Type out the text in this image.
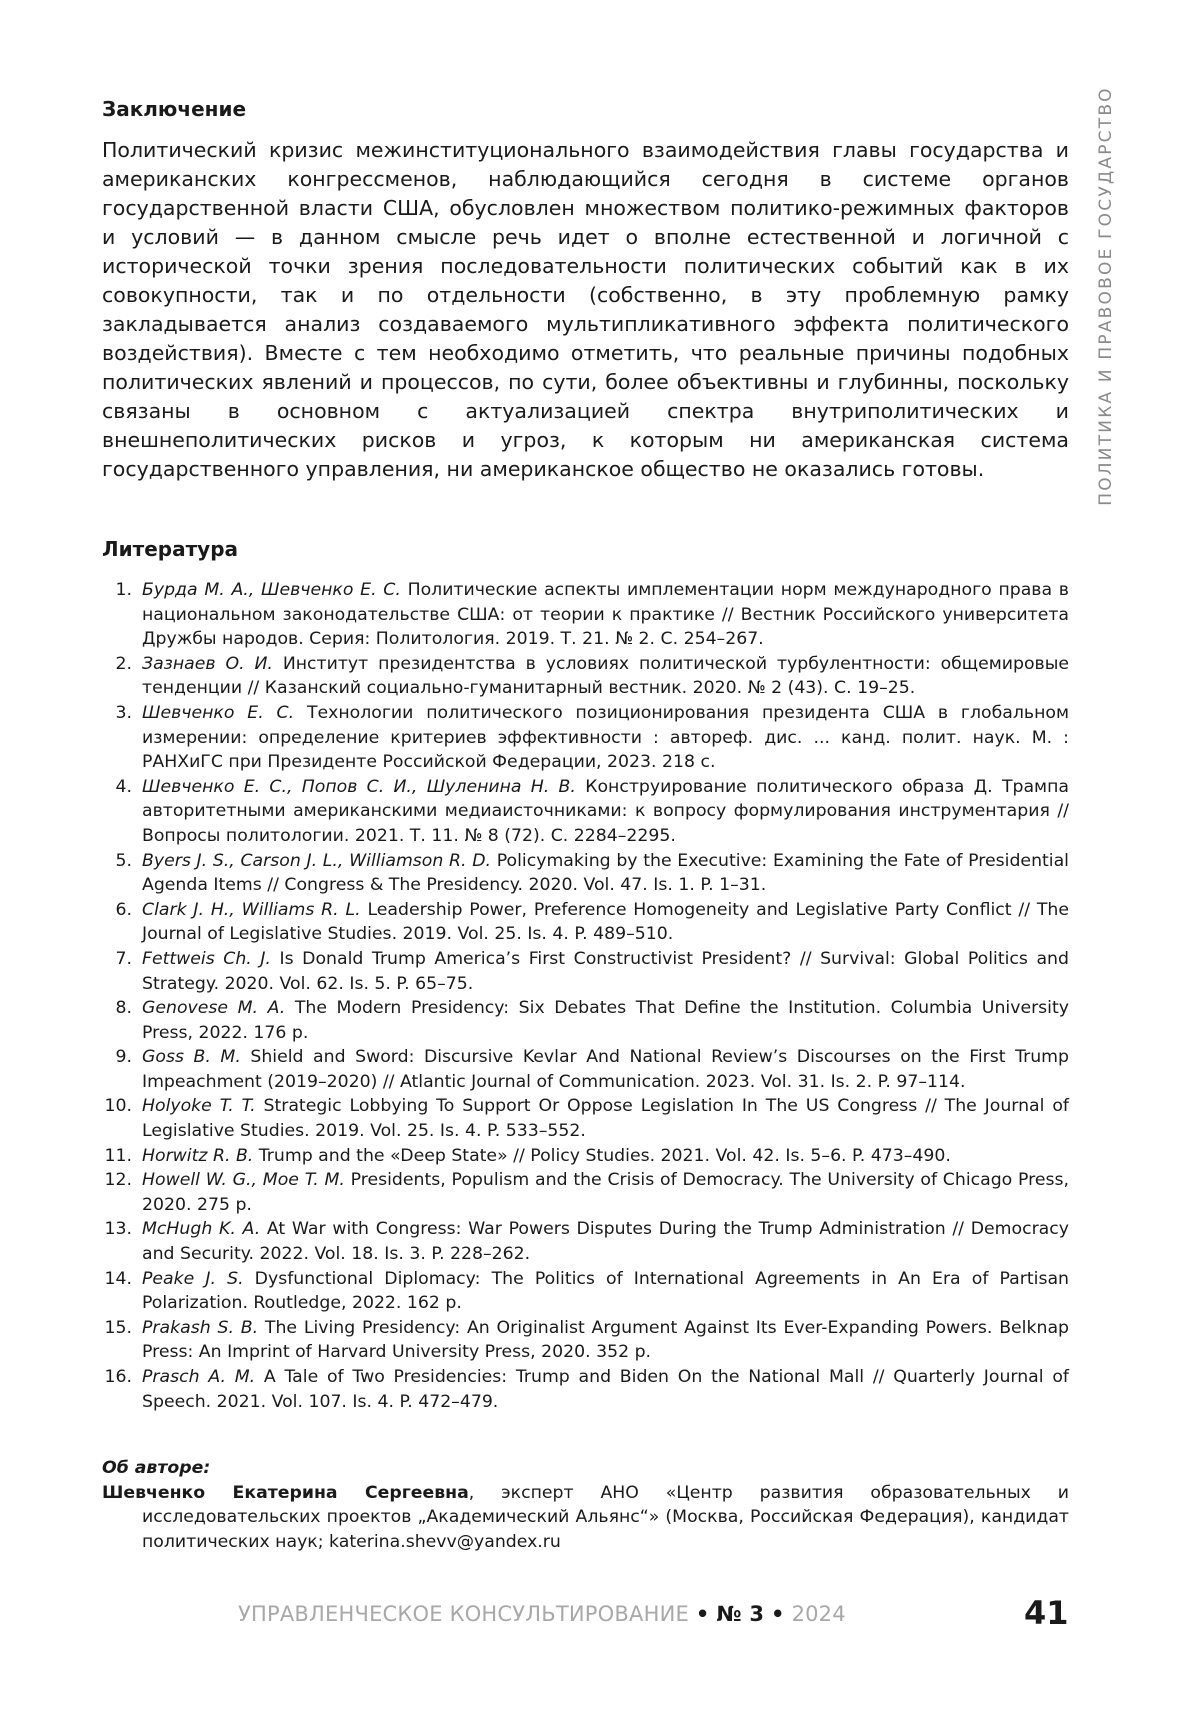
ПОЛИТИКА И ПРАВОВОЕ ГОСУДАРСТВО
Заключение

Политический кризис межинституционального взаимодействия главы государства и американских конгрессменов, наблюдающийся сегодня в системе органов государственной власти США, обусловлен множеством политико-режимных факторов и условий — в данном смысле речь идет о вполне естественной и логичной с исторической точки зрения последовательности политических событий как в их совокупности, так и по отдельности (собственно, в эту проблемную рамку закладывается анализ создаваемого мультипликативного эффекта политического воздействия). Вместе с тем необходимо отметить, что реальные причины подобных политических явлений и процессов, по сути, более объективны и глубинны, поскольку связаны в основном с актуализацией спектра внутриполитических и внешнеполитических рисков и угроз, к которым ни американская система государственного управления, ни американское общество не оказались готовы.

Литература
1. Бурда М. А., Шевченко Е. С. Политические аспекты имплементации норм международного права в национальном законодательстве США: от теории к практике // Вестник Российского университета Дружбы народов. Серия: Политология. 2019. Т. 21. № 2. С. 254–267.
2. Зазнаев О. И. Институт президентства в условиях политической турбулентности: общемировые тенденции // Казанский социально-гуманитарный вестник. 2020. № 2 (43). С. 19–25.
3. Шевченко Е. С. Технологии политического позиционирования президента США в глобальном измерении: определение критериев эффективности : автореф. дис. ... канд. полит. наук. М. : РАНХиГС при Президенте Российской Федерации, 2023. 218 с.
4. Шевченко Е. С., Попов С. И., Шуленина Н. В. Конструирование политического образа Д. Трампа авторитетными американскими медиаисточниками: к вопросу формулирования инструментария // Вопросы политологии. 2021. Т. 11. № 8 (72). С. 2284–2295.
5. Byers J. S., Carson J. L., Williamson R. D. Policymaking by the Executive: Examining the Fate of Presidential Agenda Items // Congress & The Presidency. 2020. Vol. 47. Is. 1. P. 1–31.
6. Clark J. H., Williams R. L. Leadership Power, Preference Homogeneity and Legislative Party Conflict // The Journal of Legislative Studies. 2019. Vol. 25. Is. 4. P. 489–510.
7. Fettweis Ch. J. Is Donald Trump America’s First Constructivist President? // Survival: Global Politics and Strategy. 2020. Vol. 62. Is. 5. P. 65–75.
8. Genovese M. A. The Modern Presidency: Six Debates That Define the Institution. Columbia University Press, 2022. 176 p.
9. Goss B. M. Shield and Sword: Discursive Kevlar And National Review’s Discourses on the First Trump Impeachment (2019–2020) // Atlantic Journal of Communication. 2023. Vol. 31. Is. 2. P. 97–114.
10. Holyoke T. T. Strategic Lobbying To Support Or Oppose Legislation In The US Congress // The Journal of Legislative Studies. 2019. Vol. 25. Is. 4. P. 533–552.
11. Horwitz R. B. Trump and the «Deep State» // Policy Studies. 2021. Vol. 42. Is. 5–6. P. 473–490.
12. Howell W. G., Moe T. M. Presidents, Populism and the Crisis of Democracy. The University of Chicago Press, 2020. 275 p.
13. McHugh K. A. At War with Congress: War Powers Disputes During the Trump Administration // Democracy and Security. 2022. Vol. 18. Is. 3. P. 228–262.
14. Peake J. S. Dysfunctional Diplomacy: The Politics of International Agreements in An Era of Partisan Polarization. Routledge, 2022. 162 p.
15. Prakash S. B. The Living Presidency: An Originalist Argument Against Its Ever-Expanding Powers. Belknap Press: An Imprint of Harvard University Press, 2020. 352 p.
16. Prasch A. M. A Tale of Two Presidencies: Trump and Biden On the National Mall // Quarterly Journal of Speech. 2021. Vol. 107. Is. 4. P. 472–479.
Об авторе:
Шевченко Екатерина Сергеевна, эксперт АНО «Центр развития образовательных и исследовательских проектов „Академический Альянс“» (Москва, Российская Федерация), кандидат политических наук; katerina.shevv@yandex.ru
УПРАВЛЕНЧЕСКОЕ КОНСУЛЬТИРОВАНИЕ • № 3 • 2024	41
